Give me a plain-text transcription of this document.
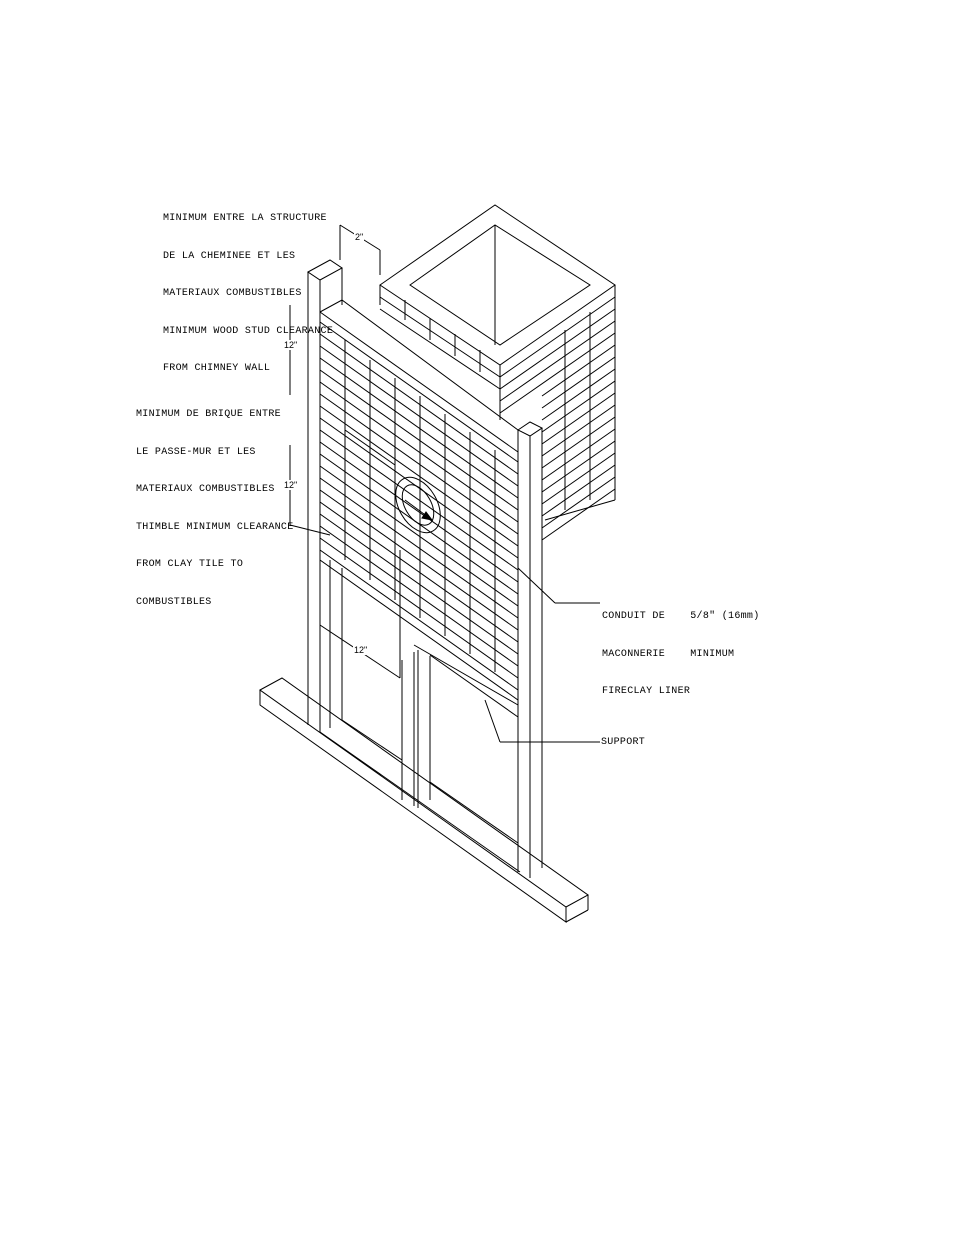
MINIMUM ENTRE LA STRUCTURE

DE LA CHEMINEE ET LES

MATERIAUX COMBUSTIBLES

MINIMUM WOOD STUD CLEARANCE

FROM CHIMNEY WALL

MINIMUM DE BRIQUE ENTRE

LE PASSE-MUR ET LES

MATERIAUX COMBUSTIBLES

THIMBLE MINIMUM CLEARANCE

FROM CLAY TILE TO

COMBUSTIBLES

CONDUIT DE    5/8" (16mm)

MACONNERIE    MINIMUM

FIRECLAY LINER

SUPPORT
2"
12"
12"
12"
